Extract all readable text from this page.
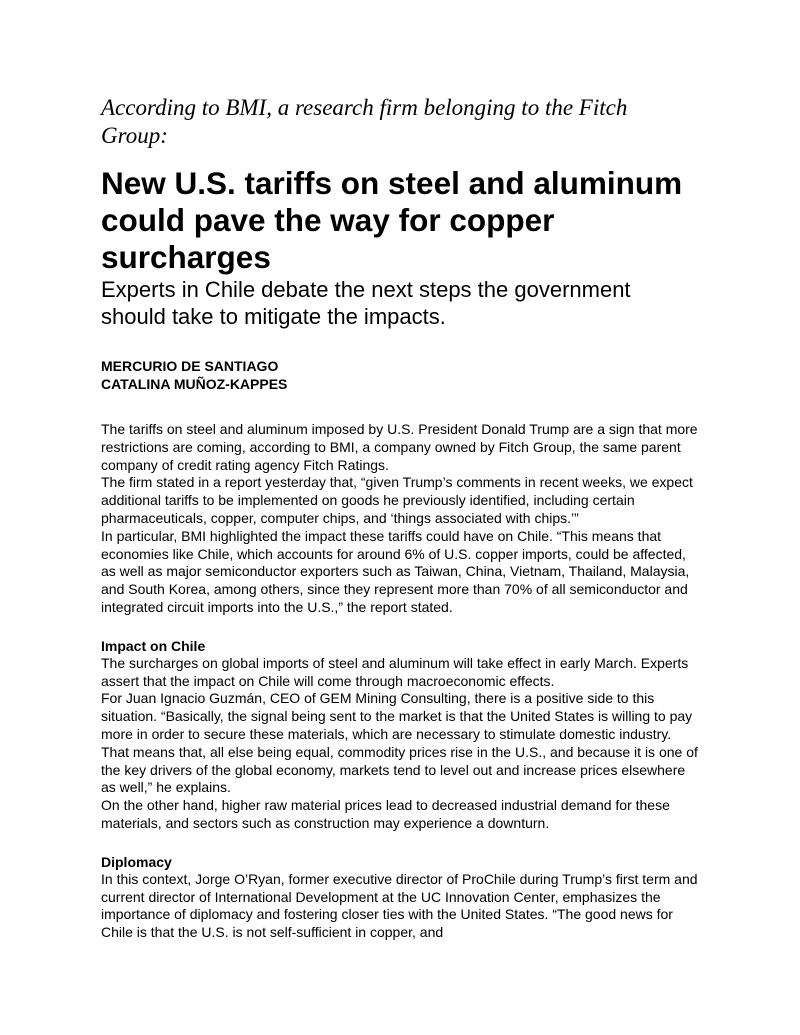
According to BMI, a research firm belonging to the Fitch Group:

New U.S. tariffs on steel and aluminum could pave the way for copper surcharges

Experts in Chile debate the next steps the government should take to mitigate the impacts.

MERCURIO DE SANTIAGO
CATALINA MUÑOZ-KAPPES

The tariffs on steel and aluminum imposed by U.S. President Donald Trump are a sign that more restrictions are coming, according to BMI, a company owned by Fitch Group, the same parent company of credit rating agency Fitch Ratings.

The firm stated in a report yesterday that, “given Trump’s comments in recent weeks, we expect additional tariffs to be implemented on goods he previously identified, including certain pharmaceuticals, copper, computer chips, and ‘things associated with chips.’”

In particular, BMI highlighted the impact these tariffs could have on Chile. “This means that economies like Chile, which accounts for around 6% of U.S. copper imports, could be affected, as well as major semiconductor exporters such as Taiwan, China, Vietnam, Thailand, Malaysia, and South Korea, among others, since they represent more than 70% of all semiconductor and integrated circuit imports into the U.S.,” the report stated.

Impact on Chile

The surcharges on global imports of steel and aluminum will take effect in early March. Experts assert that the impact on Chile will come through macroeconomic effects.

For Juan Ignacio Guzmán, CEO of GEM Mining Consulting, there is a positive side to this situation. “Basically, the signal being sent to the market is that the United States is willing to pay more in order to secure these materials, which are necessary to stimulate domestic industry. That means that, all else being equal, commodity prices rise in the U.S., and because it is one of the key drivers of the global economy, markets tend to level out and increase prices elsewhere as well,” he explains.

On the other hand, higher raw material prices lead to decreased industrial demand for these materials, and sectors such as construction may experience a downturn.

Diplomacy

In this context, Jorge O’Ryan, former executive director of ProChile during Trump’s first term and current director of International Development at the UC Innovation Center, emphasizes the importance of diplomacy and fostering closer ties with the United States. “The good news for Chile is that the U.S. is not self-sufficient in copper, and
